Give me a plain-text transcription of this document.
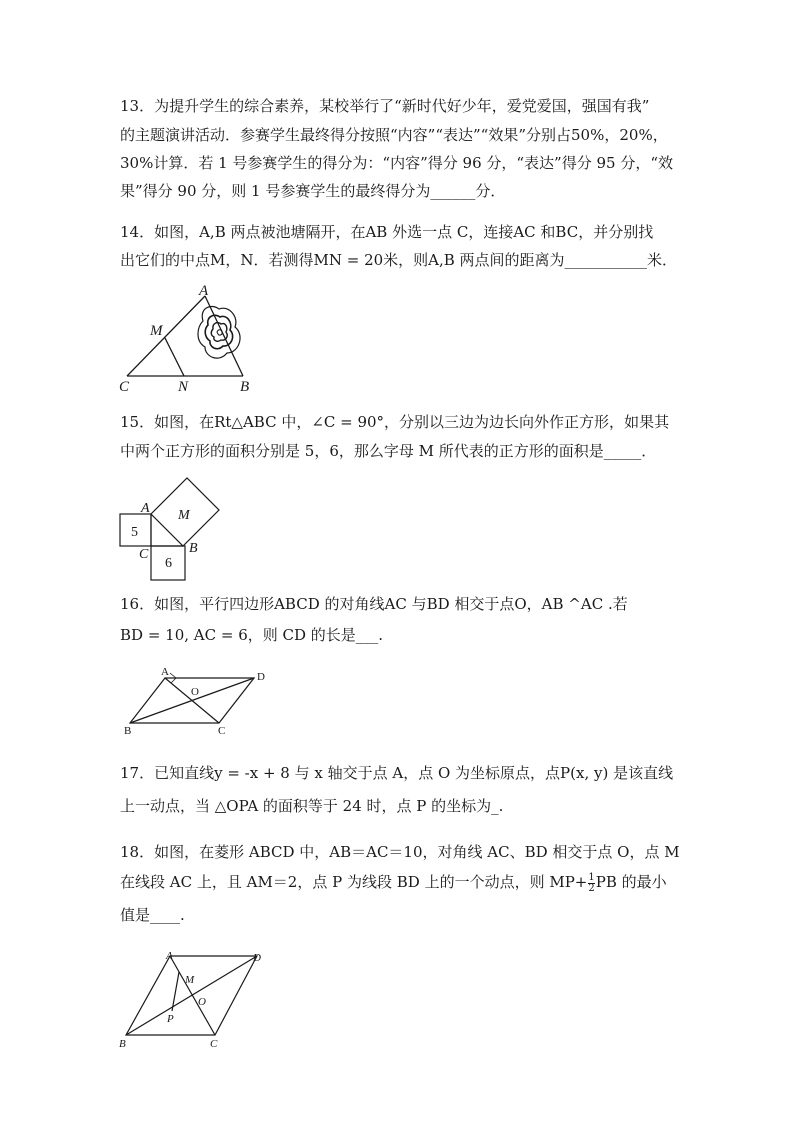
13．为提升学生的综合素养，某校举行了“新时代好少年，爱党爱国，强国有我”
的主题演讲活动．参赛学生最终得分按照“内容”“表达”“效果”分别占50%，20%，
30%计算．若 1 号参赛学生的得分为：“内容”得分 96 分，“表达”得分 95 分，“效
果”得分 90 分，则 1 号参赛学生的最终得分为______分．
14．如图，A,B 两点被池塘隔开，在AB 外选一点 C，连接AC 和BC，并分别找
出它们的中点M，N．若测得MN = 20米，则A,B 两点间的距离为___________米．
A
M
C	N	B
15．如图，在Rt△ABC 中，∠C = 90°，分别以三边为边长向外作正方形，如果其
中两个正方形的面积分别是 5，6，那么字母 M 所代表的正方形的面积是_____．
A M
5
C	B
6
16．如图，平行四边形ABCD 的对角线AC 与BD 相交于点O，AB ^AC .若
BD = 10, AC = 6，则 CD 的长是___.
A	D
O
B	C
17．已知直线y = -x + 8 与 x 轴交于点 A，点 O 为坐标原点，点P(x, y) 是该直线
上一动点，当 △OPA 的面积等于 24 时，点 P 的坐标为_.
18．如图，在菱形 ABCD 中，AB＝AC＝10，对角线 AC、BD 相交于点 O，点 M
在线段 AC 上，且 AM＝2，点 P 为线段 BD 上的一个动点，则 $MP+ \frac{1}{2}$ PB 的最小
值是____.
A	D
M
O
P
B	C
